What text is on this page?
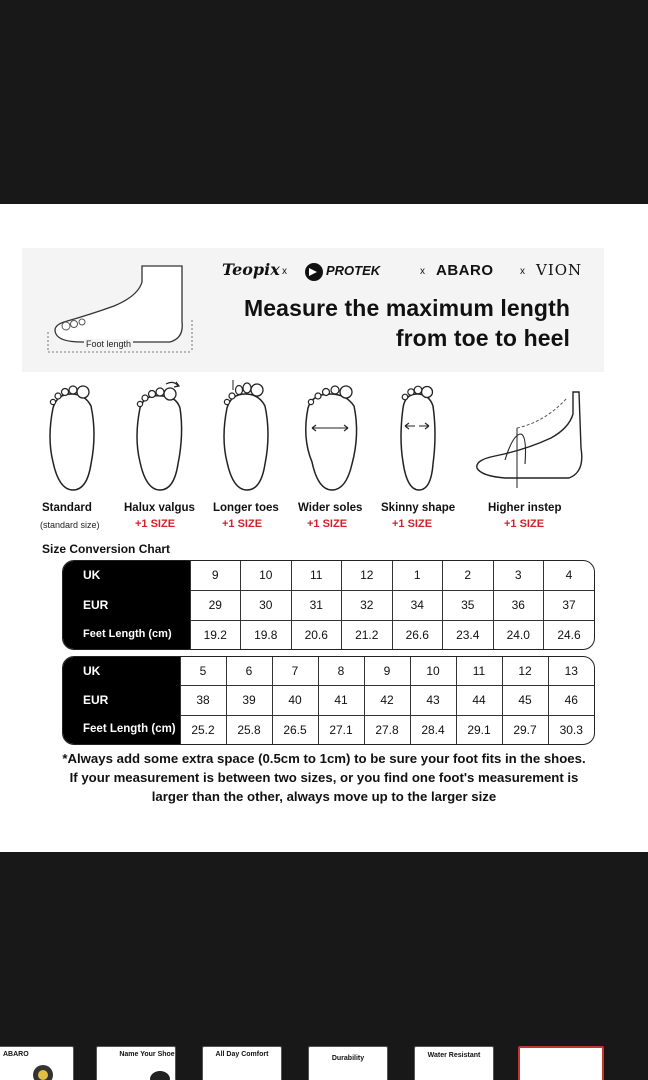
Foot length
Teopix x	PROTEK	x ABARO	x VION
Measure the maximum length
from toe to heel
Standard
(standard size)
Halux valgus
+1 SIZE
Longer toes
+1 SIZE
Wider soles
+1 SIZE
Skinny shape
+1 SIZE
Higher instep
+1 SIZE
Size Conversion Chart
UK	9	10	11	12	1	2	3	4
EUR	29	30	31	32	34	35	36	37
Feet Length (cm)	19.2	19.8	20.6	21.2	26.6	23.4	24.0	24.6
UK	5	6	7	8	9	10	11	12	13
EUR	38	39	40	41	42	43	44	45	46
Feet Length (cm)	25.2	25.8	26.5	27.1	27.8	28.4	29.1	29.7	30.3
*Always add some extra space (0.5cm to 1cm) to be sure your foot fits in the shoes.
If your measurement is between two sizes, or you find one foot's measurement is
larger than the other, always move up to the larger size
ABARO	Name Your Shoe	All Day Comfort
Durability	Water Resistant
